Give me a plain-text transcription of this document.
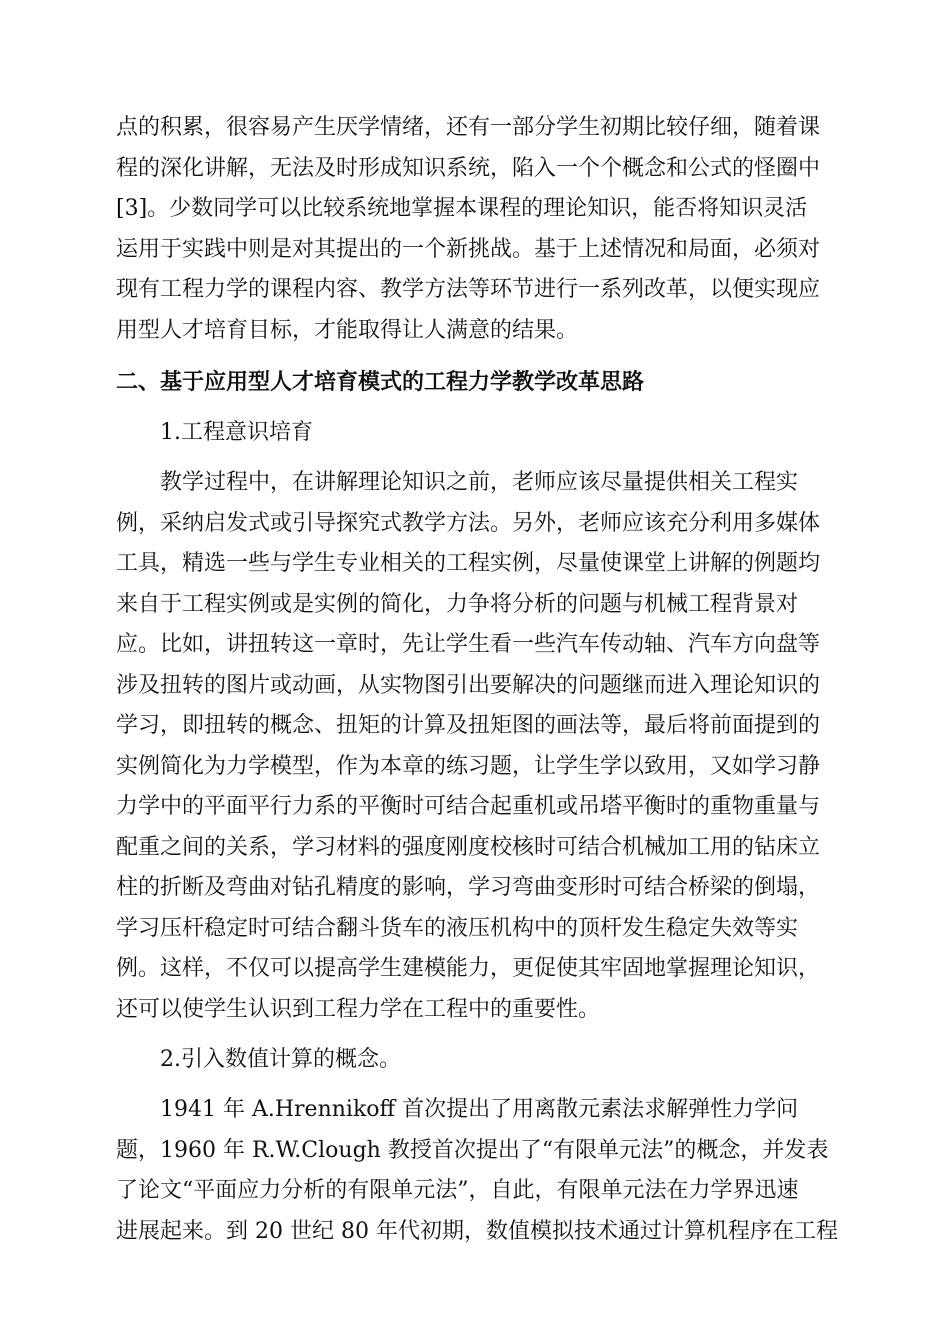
点的积累，很容易产生厌学情绪，还有一部分学生初期比较仔细，随着课
程的深化讲解，无法及时形成知识系统，陷入一个个概念和公式的怪圈中
[3]。少数同学可以比较系统地掌握本课程的理论知识，能否将知识灵活
运用于实践中则是对其提出的一个新挑战。基于上述情况和局面，必须对
现有工程力学的课程内容、教学方法等环节进行一系列改革，以便实现应
用型人才培育目标，才能取得让人满意的结果。

二、基于应用型人才培育模式的工程力学教学改革思路
1.工程意识培育

教学过程中，在讲解理论知识之前，老师应该尽量提供相关工程实
例，采纳启发式或引导探究式教学方法。另外，老师应该充分利用多媒体
工具，精选一些与学生专业相关的工程实例，尽量使课堂上讲解的例题均
来自于工程实例或是实例的简化，力争将分析的问题与机械工程背景对
应。比如，讲扭转这一章时，先让学生看一些汽车传动轴、汽车方向盘等
涉及扭转的图片或动画，从实物图引出要解决的问题继而进入理论知识的
学习，即扭转的概念、扭矩的计算及扭矩图的画法等，最后将前面提到的
实例简化为力学模型，作为本章的练习题，让学生学以致用，又如学习静
力学中的平面平行力系的平衡时可结合起重机或吊塔平衡时的重物重量与
配重之间的关系，学习材料的强度刚度校核时可结合机械加工用的钻床立
柱的折断及弯曲对钻孔精度的影响，学习弯曲变形时可结合桥梁的倒塌，
学习压杆稳定时可结合翻斗货车的液压机构中的顶杆发生稳定失效等实
例。这样，不仅可以提高学生建模能力，更促使其牢固地掌握理论知识，
还可以使学生认识到工程力学在工程中的重要性。

2.引入数值计算的概念。

1941 年 A.Hrennikoff 首次提出了用离散元素法求解弹性力学问
题，1960 年 R.W.Clough 教授首次提出了“有限单元法”的概念，并发表
了论文“平面应力分析的有限单元法”，自此，有限单元法在力学界迅速
进展起来。到 20 世纪 80 年代初期，数值模拟技术通过计算机程序在工程
